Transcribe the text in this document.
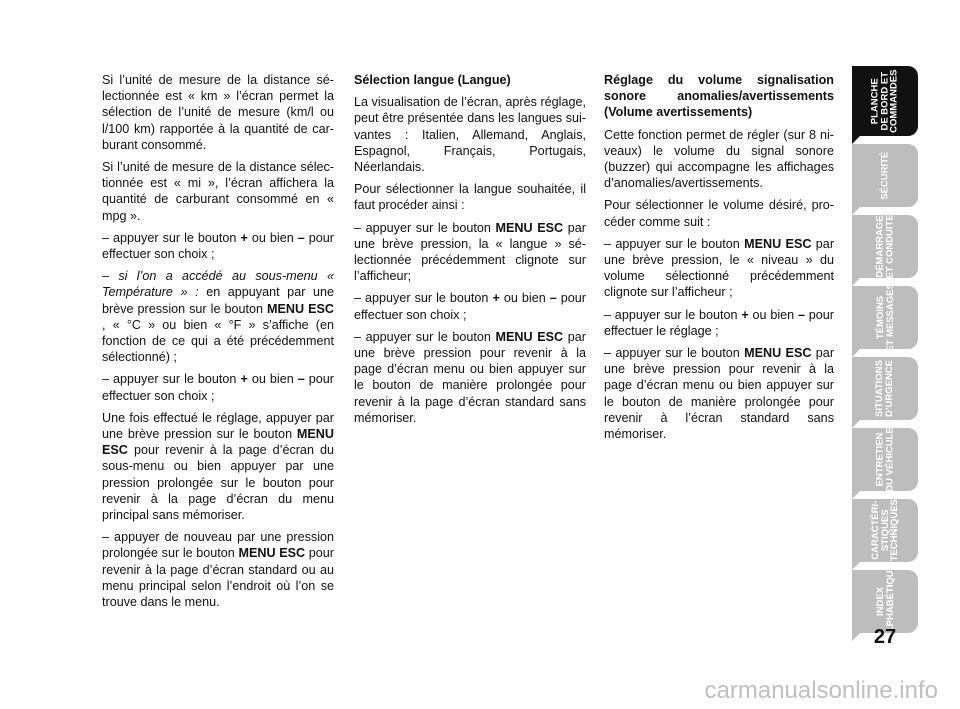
Si l’unité de mesure de la distance sélectionnée est « km » l’écran permet la sélection de l’unité de mesure (km/l ou l/100 km) rapportée à la quantité de carburant consommé.

Si l’unité de mesure de la distance sélectionnée est « mi », l’écran affichera la quantité de carburant consommé en « mpg ».

– appuyer sur le bouton + ou bien – pour effectuer son choix ;

– si l’on a accédé au sous-menu « Température » : en appuyant par une brève pression sur le bouton MENU ESC , « °C » ou bien « °F » s’affiche (en fonction de ce qui a été précédemment sélectionné) ;

– appuyer sur le bouton + ou bien – pour effectuer son choix ;

Une fois effectué le réglage, appuyer par une brève pression sur le bouton MENU ESC pour revenir à la page d’écran du sous-menu ou bien appuyer par une pression prolongée sur le bouton pour revenir à la page d’écran du menu principal sans mémoriser.

– appuyer de nouveau par une pression prolongée sur le bouton MENU ESC pour revenir à la page d’écran standard ou au menu principal selon l’endroit où l’on se trouve dans le menu.

Sélection langue (Langue)

La visualisation de l’écran, après réglage, peut être présentée dans les langues suivantes : Italien, Allemand, Anglais, Espagnol, Français, Portugais, Néerlandais.

Pour sélectionner la langue souhaitée, il faut procéder ainsi :

– appuyer sur le bouton MENU ESC par une brève pression, la « langue » sélectionnée précédemment clignote sur l’afficheur;

– appuyer sur le bouton + ou bien – pour effectuer son choix ;

– appuyer sur le bouton MENU ESC par une brève pression pour revenir à la page d’écran menu ou bien appuyer sur le bouton de manière prolongée pour revenir à la page d’écran standard sans mémoriser.

Réglage du volume signalisation sonore anomalies/avertissements (Volume avertissements)

Cette fonction permet de régler (sur 8 niveaux) le volume du signal sonore (buzzer) qui accompagne les affichages d’anomalies/avertissements.

Pour sélectionner le volume désiré, procéder comme suit :

– appuyer sur le bouton MENU ESC par une brève pression, le « niveau » du volume sélectionné précédemment clignote sur l’afficheur ;

– appuyer sur le bouton + ou bien – pour effectuer le réglage ;

– appuyer sur le bouton MENU ESC par une brève pression pour revenir à la page d’écran menu ou bien appuyer sur le bouton de manière prolongée pour revenir à l’écran standard sans mémoriser.

PLANCHE
DE BORD ET
COMMANDES
SÉCURITÉ
DÉMARRAGE
ET CONDUITE
TÉMOINS
ET MESSAGES
SITUATIONS
D’URGENCE
ENTRETIEN
DU VÉHICULE
CARACTÉRI-
STIQUES
TECHNIQUES
INDEX
ALPHABÉTIQUE
27
carmanualsonline.info
